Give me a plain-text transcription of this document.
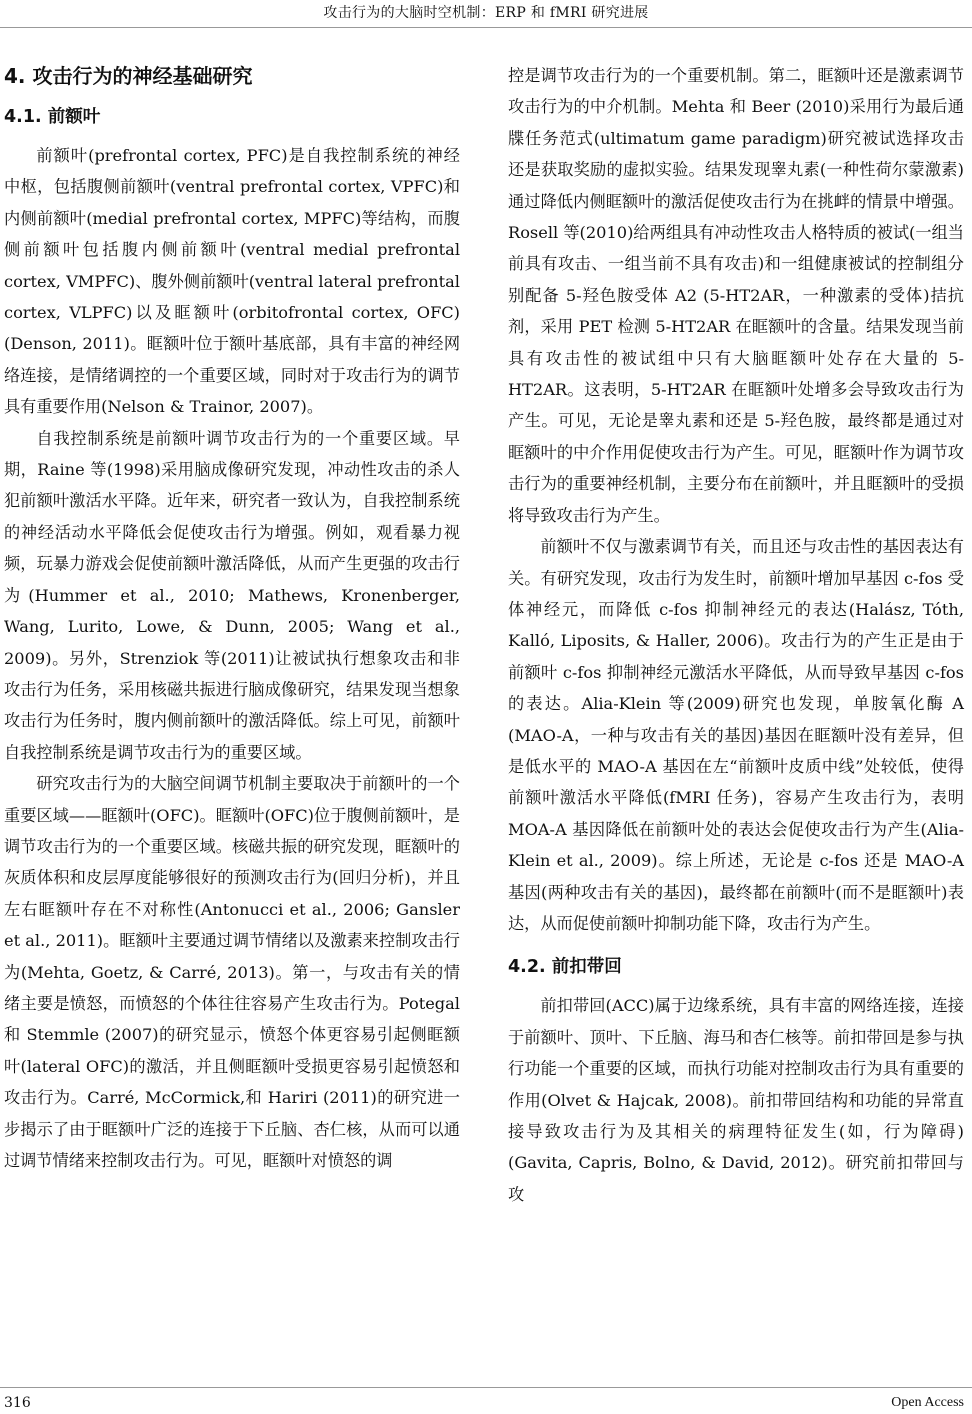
攻击行为的大脑时空机制：ERP 和 fMRI 研究进展
4. 攻击行为的神经基础研究
4.1. 前额叶

前额叶(prefrontal cortex, PFC)是自我控制系统的神经中枢，包括腹侧前额叶(ventral prefrontal cortex, VPFC)和内侧前额叶(medial prefrontal cortex, MPFC)等结构，而腹侧前额叶包括腹内侧前额叶(ventral medial prefrontal cortex, VMPFC)、腹外侧前额叶(ventral lateral prefrontal cortex, VLPFC)以及眶额叶(orbitofrontal cortex, OFC) (Denson, 2011)。眶额叶位于额叶基底部，具有丰富的神经网络连接，是情绪调控的一个重要区域，同时对于攻击行为的调节具有重要作用(Nelson & Trainor, 2007)。

自我控制系统是前额叶调节攻击行为的一个重要区域。早期，Raine 等(1998)采用脑成像研究发现，冲动性攻击的杀人犯前额叶激活水平降。近年来，研究者一致认为，自我控制系统的神经活动水平降低会促使攻击行为增强。例如，观看暴力视频，玩暴力游戏会促使前额叶激活降低，从而产生更强的攻击行为(Hummer et al., 2010; Mathews, Kronenberger, Wang, Lurito, Lowe, & Dunn, 2005; Wang et al., 2009)。另外，Strenziok 等(2011)让被试执行想象攻击和非攻击行为任务，采用核磁共振进行脑成像研究，结果发现当想象攻击行为任务时，腹内侧前额叶的激活降低。综上可见，前额叶自我控制系统是调节攻击行为的重要区域。

研究攻击行为的大脑空间调节机制主要取决于前额叶的一个重要区域——眶额叶(OFC)。眶额叶(OFC)位于腹侧前额叶，是调节攻击行为的一个重要区域。核磁共振的研究发现，眶额叶的灰质体积和皮层厚度能够很好的预测攻击行为(回归分析)，并且左右眶额叶存在不对称性(Antonucci et al., 2006; Gansler et al., 2011)。眶额叶主要通过调节情绪以及激素来控制攻击行为(Mehta, Goetz, & Carré, 2013)。第一，与攻击有关的情绪主要是愤怒，而愤怒的个体往往容易产生攻击行为。Potegal 和 Stemmle (2007)的研究显示，愤怒个体更容易引起侧眶额叶(lateral OFC)的激活，并且侧眶额叶受损更容易引起愤怒和攻击行为。Carré, McCormick,和 Hariri (2011)的研究进一步揭示了由于眶额叶广泛的连接于下丘脑、杏仁核，从而可以通过调节情绪来控制攻击行为。可见，眶额叶对愤怒的调

控是调节攻击行为的一个重要机制。第二，眶额叶还是激素调节攻击行为的中介机制。Mehta 和 Beer (2010)采用行为最后通牒任务范式(ultimatum game paradigm)研究被试选择攻击还是获取奖励的虚拟实验。结果发现睾丸素(一种性荷尔蒙激素)通过降低内侧眶额叶的激活促使攻击行为在挑衅的情景中增强。Rosell 等(2010)给两组具有冲动性攻击人格特质的被试(一组当前具有攻击、一组当前不具有攻击)和一组健康被试的控制组分别配备 5-羟色胺受体 A2 (5-HT2AR，一种激素的受体)拮抗剂，采用 PET 检测 5-HT2AR 在眶额叶的含量。结果发现当前具有攻击性的被试组中只有大脑眶额叶处存在大量的 5-HT2AR。这表明，5-HT2AR 在眶额叶处增多会导致攻击行为产生。可见，无论是睾丸素和还是 5-羟色胺，最终都是通过对眶额叶的中介作用促使攻击行为产生。可见，眶额叶作为调节攻击行为的重要神经机制，主要分布在前额叶，并且眶额叶的受损将导致攻击行为产生。

前额叶不仅与激素调节有关，而且还与攻击性的基因表达有关。有研究发现，攻击行为发生时，前额叶增加早基因 c-fos 受体神经元，而降低 c-fos 抑制神经元的表达(Halász, Tóth, Kalló, Liposits, & Haller, 2006)。攻击行为的产生正是由于前额叶 c-fos 抑制神经元激活水平降低，从而导致早基因 c-fos 的表达。Alia-Klein 等(2009)研究也发现，单胺氧化酶 A (MAO-A，一种与攻击有关的基因)基因在眶额叶没有差异，但是低水平的 MAO-A 基因在左“前额叶皮质中线”处较低，使得前额叶激活水平降低(fMRI 任务)，容易产生攻击行为，表明 MOA-A 基因降低在前额叶处的表达会促使攻击行为产生(Alia-Klein et al., 2009)。综上所述，无论是 c-fos 还是 MAO-A 基因(两种攻击有关的基因)，最终都在前额叶(而不是眶额叶)表达，从而促使前额叶抑制功能下降，攻击行为产生。

4.2. 前扣带回

前扣带回(ACC)属于边缘系统，具有丰富的网络连接，连接于前额叶、顶叶、下丘脑、海马和杏仁核等。前扣带回是参与执行功能一个重要的区域，而执行功能对控制攻击行为具有重要的作用(Olvet & Hajcak, 2008)。前扣带回结构和功能的异常直接导致攻击行为及其相关的病理特征发生(如，行为障碍) (Gavita, Capris, Bolno, & David, 2012)。研究前扣带回与攻

316	Open Access
